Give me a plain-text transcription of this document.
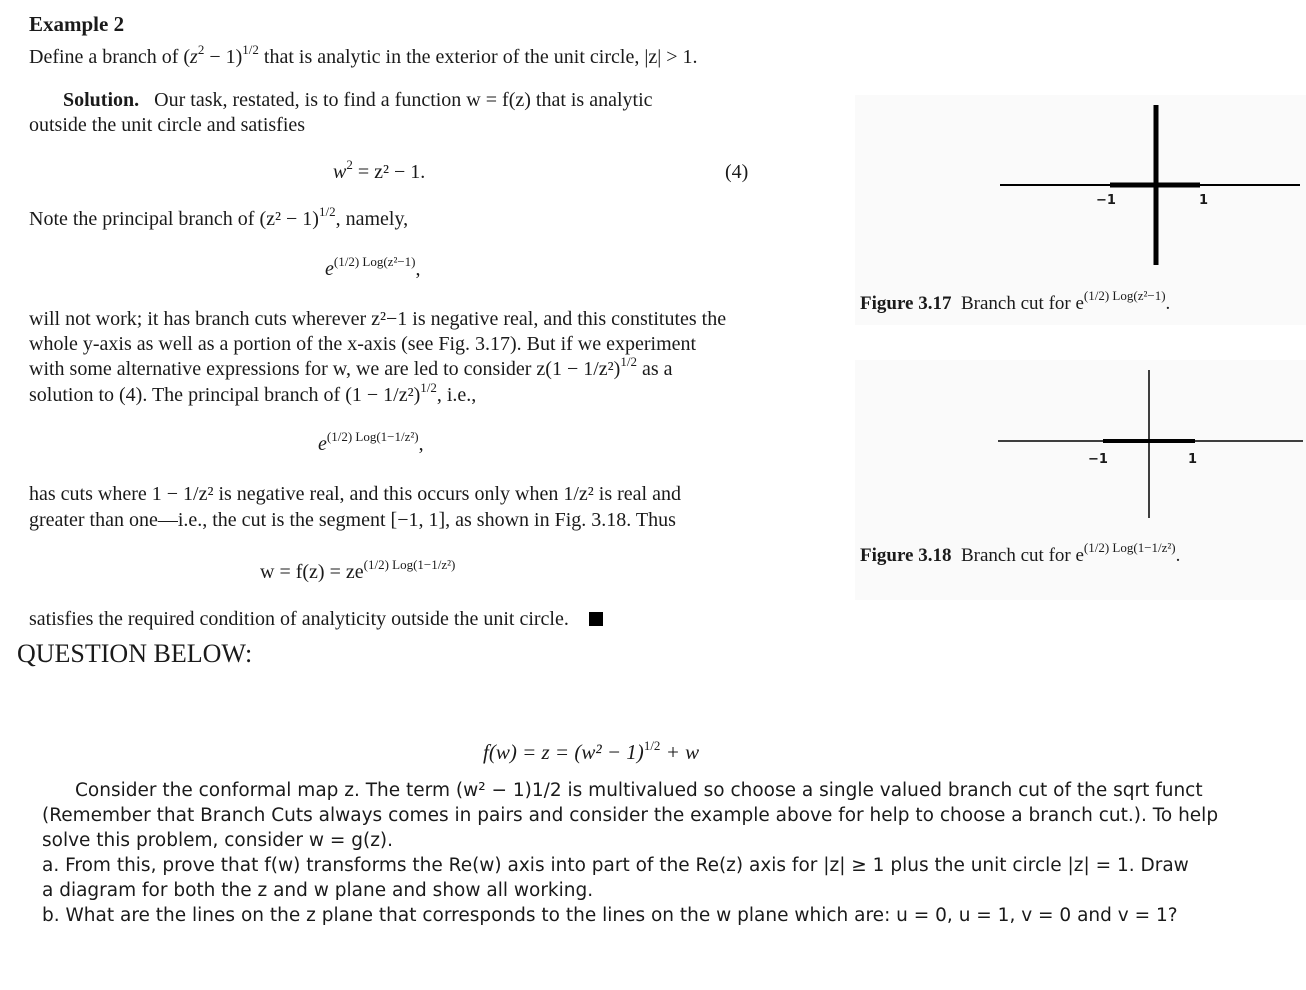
Example 2
Define a branch of $(z^2 - 1)^{1/2}$ that is analytic in the exterior of the unit circle, |z| > 1.
Solution. Our task, restated, is to find a function w = f(z) that is analytic
outside the unit circle and satisfies
$w^2 = z^2 - 1$.	(4)
Note the principal branch of $(z^2 - 1)^{1/2}$, namely,
$e^{(1/2) Log(z^2-1)}$,
will not work; it has branch cuts wherever z²−1 is negative real, and this constitutes the
whole y-axis as well as a portion of the x-axis (see Fig. 3.17). But if we experiment
with some alternative expressions for w, we are led to consider $z(1 - 1/z^2)^{1/2}$ as a
solution to (4). The principal branch of $(1 - 1/z^2)^{1/2}$, i.e.,
$e^{(1/2) Log(1-1/z^2)}$,
has cuts where 1 − 1/z² is negative real, and this occurs only when 1/z² is real and
greater than one—i.e., the cut is the segment [−1, 1], as shown in Fig. 3.18. Thus
$w = f(z) = ze^{(1/2) Log(1-1/z^2)}$
satisfies the required condition of analyticity outside the unit circle.
−1	1
Figure 3.17 Branch cut for $e^{(1/2) Log(z^2-1)}$.
−1	1
Figure 3.18 Branch cut for $e^{(1/2) Log(1-1/z^2)}$.
QUESTION BELOW:
$f(w) = z = (w^2 - 1)^{1/2} + w$
Consider the conformal map z. The term (w² − 1)1/2 is multivalued so choose a single valued branch cut of the sqrt funct
(Remember that Branch Cuts always comes in pairs and consider the example above for help to choose a branch cut.). To help
solve this problem, consider w = g(z).
a. From this, prove that f(w) transforms the Re(w) axis into part of the Re(z) axis for |z| ≥ 1 plus the unit circle |z| = 1. Draw
a diagram for both the z and w plane and show all working.
b. What are the lines on the z plane that corresponds to the lines on the w plane which are: u = 0, u = 1, v = 0 and v = 1?
